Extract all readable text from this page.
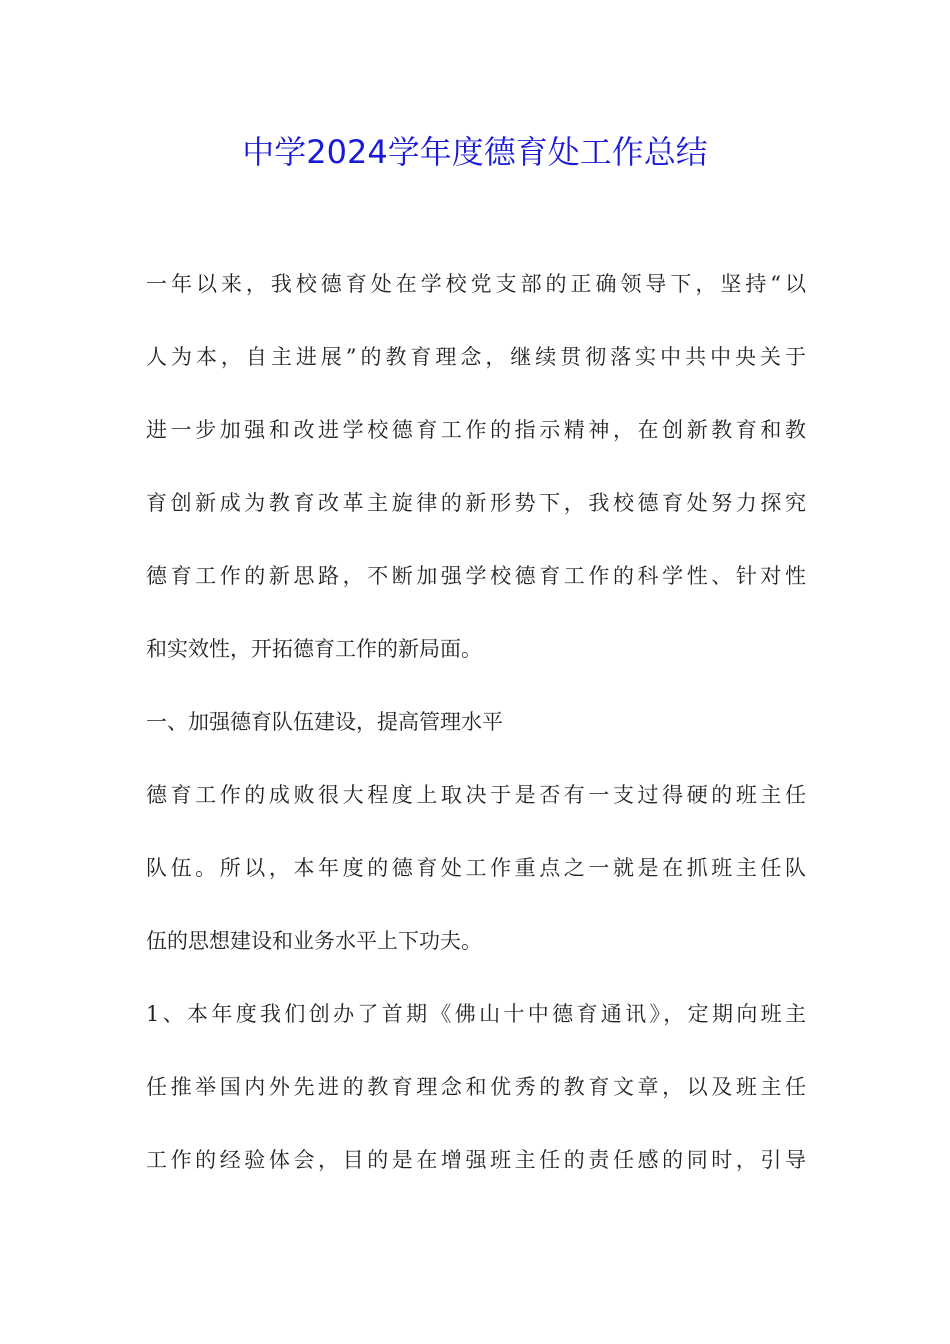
中学2024学年度德育处工作总结
一年以来，我校德育处在学校党支部的正确领导下，坚持“以
人为本，自主进展”的教育理念，继续贯彻落实中共中央关于
进一步加强和改进学校德育工作的指示精神，在创新教育和教
育创新成为教育改革主旋律的新形势下，我校德育处努力探究
德育工作的新思路，不断加强学校德育工作的科学性、针对性
和实效性，开拓德育工作的新局面。
一、加强德育队伍建设，提高管理水平
德育工作的成败很大程度上取决于是否有一支过得硬的班主任
队伍。所以，本年度的德育处工作重点之一就是在抓班主任队
伍的思想建设和业务水平上下功夫。
1、本年度我们创办了首期《佛山十中德育通讯》，定期向班主
任推举国内外先进的教育理念和优秀的教育文章，以及班主任
工作的经验体会，目的是在增强班主任的责任感的同时，引导
